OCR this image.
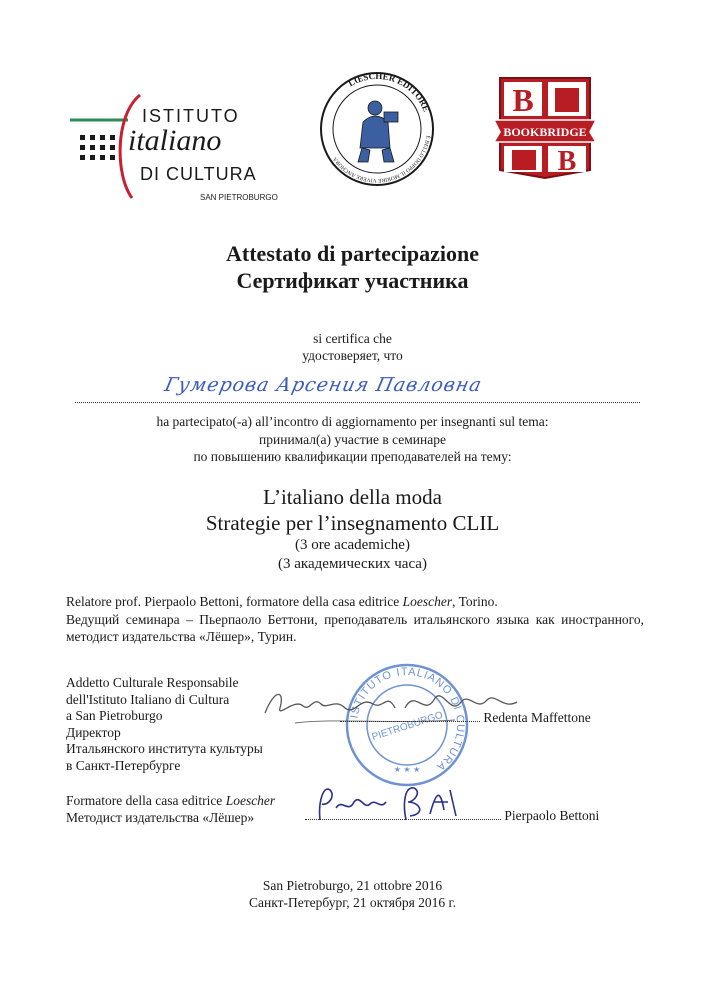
ISTITUTO
italiano
DI CULTURA
SAN PIETROBURGO
LŒSCHER EDITORE
È BELLO DOPPO IL MORIRE VIVERE ANCHORA
B
BOOKBRIDGE
B
Attestato di partecipazione
Сертификат участника
si certifica che
удостоверяет, что
Гумерова Арсения Павловна
ha partecipato(-a) all’incontro di aggiornamento per insegnanti sul tema:
принимал(а) участие в семинаре
по повышению квалификации преподавателей на тему:
L’italiano della moda
Strategie per l’insegnamento CLIL
(3 ore academiche)
(3 академических часа)
Relatore prof. Pierpaolo Bettoni, formatore della casa editrice Loescher, Torino.
Ведущий семинара – Пьерпаоло Беттони, преподаватель итальянского языка как иностранного, методист издательства «Лёшер», Турин.
Addetto Culturale Responsabile
dell'Istituto Italiano di Cultura
a San Pietroburgo
Директор
Итальянского института культуры
в Санкт-Петербурге
ISTITUTO ITALIANO DI CULTURA
PIETROBURGO
★ ★ ★
Redenta Maffettone
Formatore della casa editrice Loescher
Методист издательства «Лёшер»	Pierpaolo Bettoni
San Pietroburgo, 21 ottobre 2016
Санкт-Петербург, 21 октября 2016 г.
